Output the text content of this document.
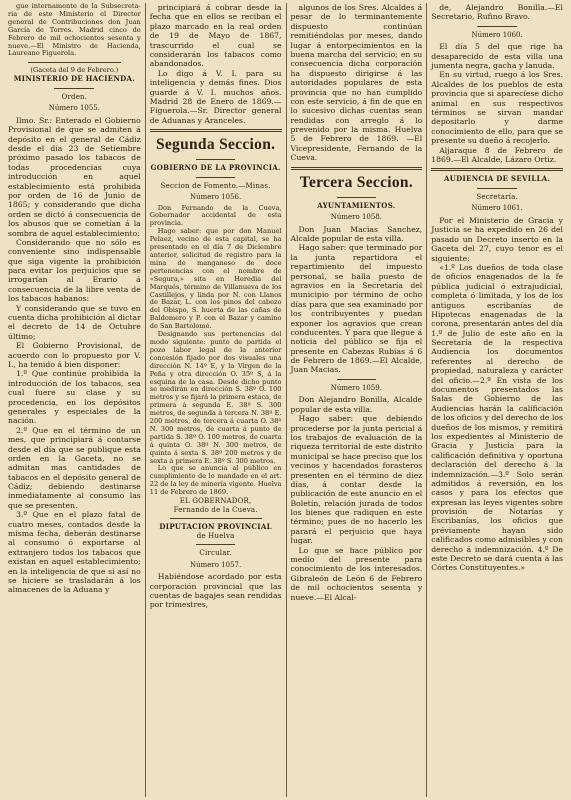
gue internamente de la Subsecreta-ria de este Ministerio el Director general de Contribuciones don Juan García de Torres. Madrid cinco de Febrero de mil ochocientos sesenta y nueve.—El Ministro de Hacienda, Laureano Figuerola.

(Gaceta del 9 de Febrero.)

MINISTERIO DE HACIENDA.

Orden.

Número 1055.

Ilmo. Sr.: Enterado el Gobierno Provisional de que se admiten á depósito en el general de Cádiz desde el día 23 de Setiembre próximo pasado los tabacos de todas procedencias cuya introducción en aquel establecimiento está prohibida por orden de 16 de Junio de 1865; y considerando que dicha orden se dictó á consecuencia de los abusos que se cometían á la sombra de aquel establecimiento:

Considerando que no sólo es conveniente sino indispensable que siga vigente la prohibición para evitar los perjuicios que se irrogarían al Erario á consecuencia de la libre venta de los tabacos habanos:

Y considerando que se tuvo en cuenta dicha prohibición al dictar el decreto de 14 de Octubre último;

El Gobierno Provisional, de acuerdo con lo propuesto por V. I., ha tenido á bien disponer:

1.º Que continúe prohibida la introducción de los tabacos, sea cual fuere su clase y su procedencia, en los depósitos generales y especiales de la nación.

2.º Que en el término de un mes, que principiará á contarse desde el día que se publique esta orden en la Gaceta, no se admitan mas cantidades de tabacos en el depósito general de Cádiz; debiendo destinarse inmediatamente al consumo las que se presenten.

3.º Que en el plazo fatal de cuatro meses, contados desde la misma fecha, deberán destinarse al consumo ó exportarse al extranjero todos los tabacos que existan en aquel establecimiento; en la inteligencia de que si así no se hiciere se trasladarán á los almacenes de la Aduana y

principiará á cobrar desde la fecha que en ellos se reciban el plazo marcado en la real orden de 19 de Mayo de 1867, trascurrido el cual se considerarán los tabacos como abandonados.

Lo digo á V. I. para su inteligencia y demás fines. Dios guarde á V. I. muchos años. Madrid 28 de Enero de 1869.—Figuerola.—Sr. Director general de Aduanas y Aranceles.

Segunda Seccion.

GOBIERNO DE LA PROVINCIA.

Seccion de Fomento.—Minas.

Número 1056.

Don Fernando de la Cueva, Gobernador accidental de esta provincia.

Hago saber: que por don Manuel Pelaez, vecino de esta capital, se ha presentado en el día 7 de Diciembre anterior, solicitud de registro para la mina de manganeso de doce pertenencias con el nombre de «Segura,» sita en Heredia del Marqués, término de Villanueva de los Castillejos, y linda por N. con Llanos de Bazar, L. con los pinos del cabezo del Obispo, S. huerta de las cañas de Baldomero y P. con el Bazar y camino de San Bartolomé.

Designando sus pertenencias del modo siguiente: punto de partida el pozo labor legal de la anterior concesión fijado por dos visuales una dirección N. 14º E, y la Virgen de la Peña y otra dirección O. 35º S, á la esquina de la casa. Desde dicho punto se medirán en dirección S. 38º O. 100 metros y se fijará la primera estaca, de primera á segunda E. 38º S. 300 metros, de segunda á tercera N. 38º E. 200 metros, de tercera á cuarta O. 38º N. 300 metros, de cuarta á punto de partida S. 38º O. 100 metros, de cuarta á quinta O. 38º N. 300 metros, de quinta á sexta S. 38º 200 metros y de sexta á primera E. 38º S. 300 metros.

Lo que se anuncia al público en cumplimiento de lo mandado en el art. 22 de la ley de minería vigente. Huelva 11 de Febrero de 1869.

EL GOBERNADOR,

Fernando de la Cueva.

DIPUTACION PROVINCIAL

de Huelva

Circular.

Número 1057.

Habiéndose acordado por esta corporación provincial que las cuentas de bagajes sean rendidas por trimestres,

algunos de los Sres. Alcaldes á pesar de lo terminantemente dispuesto continúan remitiéndolas por meses, dando lugar á entorpecimientos en la buena marcha del servicio; en su consecuencia dicha corporación ha dispuesto dirigirse á las autoridades populares de esta provincia que no han cumplido con este servicio, á fin de que en lo sucesivo dichas cuentas sean rendidas con arreglo á lo prevenido por la misma. Huelva 5 de Febrero de 1869. —El Vicepresidente, Fernando de la Cueva.

Tercera Seccion.

AYUNTAMIENTOS.

Número 1058.

Don Juan Macias Sanchez, Alcalde popular de esta villa.

Hago saber: que terminado por la junta repartidora el repartimiento del impuesto personal, se halla puesto de agravios en la Secretaría del municipio por término de ocho días para que sea examinado por los contribuyentes y puedan exponer los agravios que crean conducentes. Y para que llegue á noticia del público se fija el presente en Cabezas Rubias á 6 de Febrero de 1869.—El Alcalde, Juan Macias.

Número 1059.

Don Alejandro Bonilla, Alcalde popular de esta villa.

Hago saber: que debiendo procederse por la junta pericial á los trabajos de evaluación de la riqueza territorial de este distrito municipal se hace preciso que los vecinos y hacendados forasteros presenten en el término de diez días, á contar desde la publicación de este anuncio en el Boletín, relación jurada de todos los bienes que radiquen en este término; pues de no hacerlo les parará el perjuicio que haya lugar.

Lo que se hace público por medio del presente para conocimiento de los interesados. Gibraleón de León 6 de Febrero de mil ochocientos sesenta y nueve.—El Alcal-

de, Alejandro Bonilla.—El Secretario, Rufino Bravo.

Número 1060.

El día 5 del que rige ha desaparecido de esta villa una jumenta negra, gacha y lanuda.

En su virtud, ruego á los Sres. Alcaldes de los pueblos de esta provincia que si aparecíese dicho animal en sus respectivos términos se sirvan mandar depositarlo y darme conocimiento de ello, para que se presente su dueño á recojerlo.

Aljaraque 8 de Febrero de 1869.—El Alcalde, Lázaro Ortiz.

AUDIENCIA DE SEVILLA.

Secretaría.

Número 1061.

Por el Ministerio de Gracia y Justicia se ha expedido en 26 del pasado un Decreto inserto en la Gaceta del 27, cuyo tenor es el siguiente:

«1.º Los dueños de toda clase de oficios enagenados de la fe pública judicial ó extrajudicial, completa ó limitada, y los de los antiguos escribanías de Hipotecas enagenadas de la corona, presentarán antes del día 1.º de Julio de este año en la Secretaría de la respectiva Audiencia los documentos referentes al derecho de propiedad, naturaleza y carácter del oficio.—2.º En vista de los documentos presentados las Salas de Gobierno de las Audiencias harán la calificación de los oficios y del derecho de los dueños de los mismos, y remitirá los expedientes al Ministerio de Gracia y Justicia para la calificación definitiva y oportuna declaración del derecho á la indemnización.—3.º Solo serán admitidos á reversión, en los casos y para los efectos que expresan las leyes vigentes sobre provisión de Notarías y Escribanías, los oficios que préviamente hayan sido calificados como admisibles y con derecho á indemnización. 4.º De este Decreto se dará cuenta á las Córtes Constituyentes.»
